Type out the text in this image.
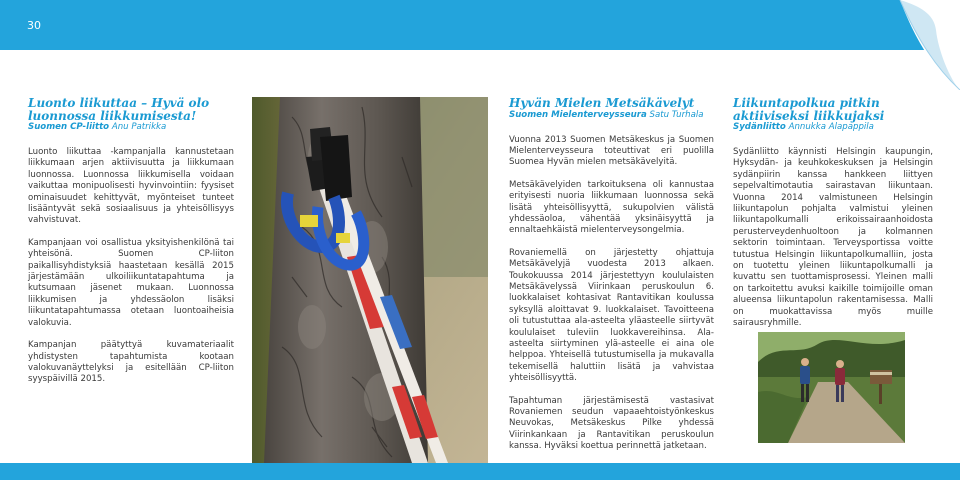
30
Luonto liikuttaa – Hyvä olo
luonnossa liikkumisesta!
Suomen CP-liitto Anu Patrikka

Luonto liikuttaa -kampanjalla kannustetaan liikkumaan arjen aktiivisuutta ja liikkumaan luonnossa. Luonnossa liikkumisella voidaan vaikuttaa monipuolisesti hyvinvointiin: fyysiset ominaisuudet kehittyvät, myönteiset tunteet lisääntyvät sekä sosiaalisuus ja yhteisöllisyys vahvistuvat.

Kampanjaan voi osallistua yksityishenkilönä tai yhteisönä. Suomen CP-liiton paikallisyhdistyksiä haastetaan kesällä 2015 järjestämään ulkoiliikuntatapahtuma ja kutsumaan jäsenet mukaan. Luonnossa liikkumisen ja yhdessäolon lisäksi liikuntatapahtumassa otetaan luontoaiheisia valokuvia.

Kampanjan päätyttyä kuvamateriaalit yhdistysten tapahtumista kootaan valokuvanäyttelyksi ja esitellään CP-liiton syyspäivillä 2015.

Hyvän Mielen Metsäkävelyt
Suomen Mielenterveysseura Satu Turhala

Vuonna 2013 Suomen Metsäkeskus ja Suomen Mielenterveysseura toteuttivat eri puolilla Suomea Hyvän mielen metsäkävelyitä.

Metsäkävelyiden tarkoituksena oli kannustaa erityisesti nuoria liikkumaan luonnossa sekä lisätä yhteisöllisyyttä, sukupolvien välistä yhdessäoloa, vähentää yksinäisyyttä ja ennaltaehkäistä mielenterveysongelmia.

Rovaniemellä on järjestetty ohjattuja Metsäkävelyjä vuodesta 2013 alkaen. Toukokuussa 2014 järjestettyyn koululaisten Metsäkävelyssä Viirinkaan peruskoulun 6. luokkalaiset kohtasivat Rantavitikan koulussa syksyllä aloittavat 9. luokkalaiset. Tavoitteena oli tutustuttaa ala-asteelta yläasteelle siirtyvät koululaiset tuleviin luokkavereihinsa. Ala-asteelta siirtyminen ylä-asteelle ei aina ole helppoa. Yhteisellä tutustumisella ja mukavalla tekemisellä haluttiin lisätä ja vahvistaa yhteisöllisyyttä.

Tapahtuman järjestämisestä vastasivat Rovaniemen seudun vapaaehtoistyönkeskus Neuvokas, Metsäkeskus Pilke yhdessä Viirinkankaan ja Rantavitikan peruskoulun kanssa. Hyväksi koettua perinnettä jatketaan.

Liikuntapolkua pitkin
aktiiviseksi liikkujaksi
Sydänliitto Annukka Alapappila

Sydänliitto käynnisti Helsingin kaupungin, Hyksydän- ja keuhkokeskuksen ja Helsingin sydänpiirin kanssa hankkeen liittyen sepelvaltimotautia sairastavan liikuntaan. Vuonna 2014 valmistuneen Helsingin liikuntapolun pohjalta valmistui yleinen liikuntapolkumalli erikoissairaanhoidosta perusterveydenhuoltoon ja kolmannen sektorin toimintaan. Terveysportissa voitte tutustua Helsingin liikuntapolkumalliin, josta on tuotettu yleinen liikuntapolkumalli ja kuvattu sen tuottamisprosessi. Yleinen malli on tarkoitettu avuksi kaikille toimijoille oman alueensa liikuntapolun rakentamisessa. Malli on muokattavissa myös muille sairausryhmille.
